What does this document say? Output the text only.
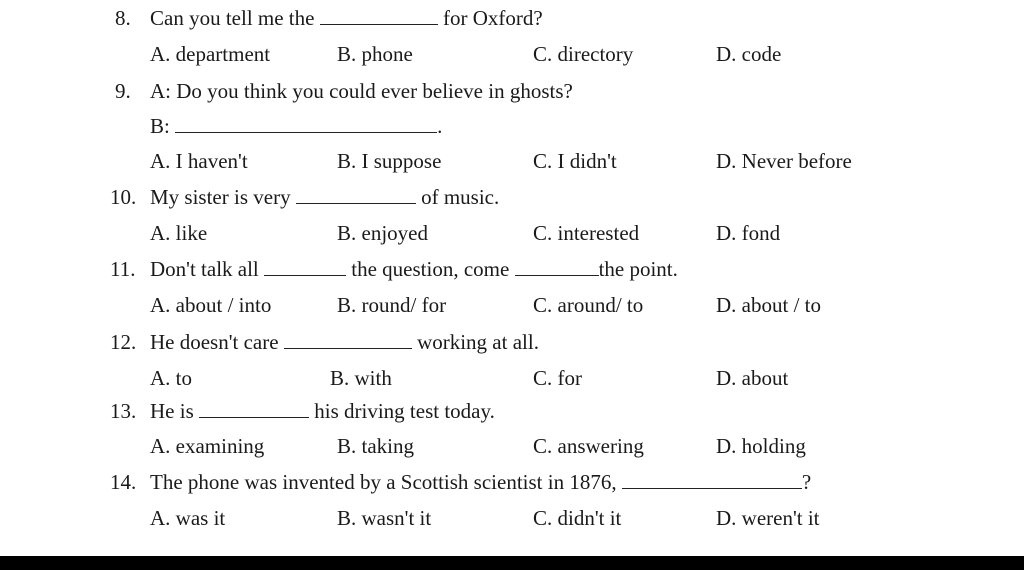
8. Can you tell me the	for Oxford?
A. department	B. phone	C. directory	D. code
9. A: Do you think you could ever believe in ghosts?
B:	.
A. I haven't	B. I suppose	C. I didn't	D. Never before
10. My sister is very	of music.
A. like	B. enjoyed	C. interested	D. fond
11. Don't talk all	the question, come	the point.
A. about / into	B. round/ for	C. around/ to	D. about / to
12. He doesn't care	working at all.
A. to	B. with	C. for	D. about
13. He is	his driving test today.
A. examining	B. taking	C. answering	D. holding
14. The phone was invented by a Scottish scientist in 1876,	?
A. was it	B. wasn't it	C. didn't it	D. weren't it
